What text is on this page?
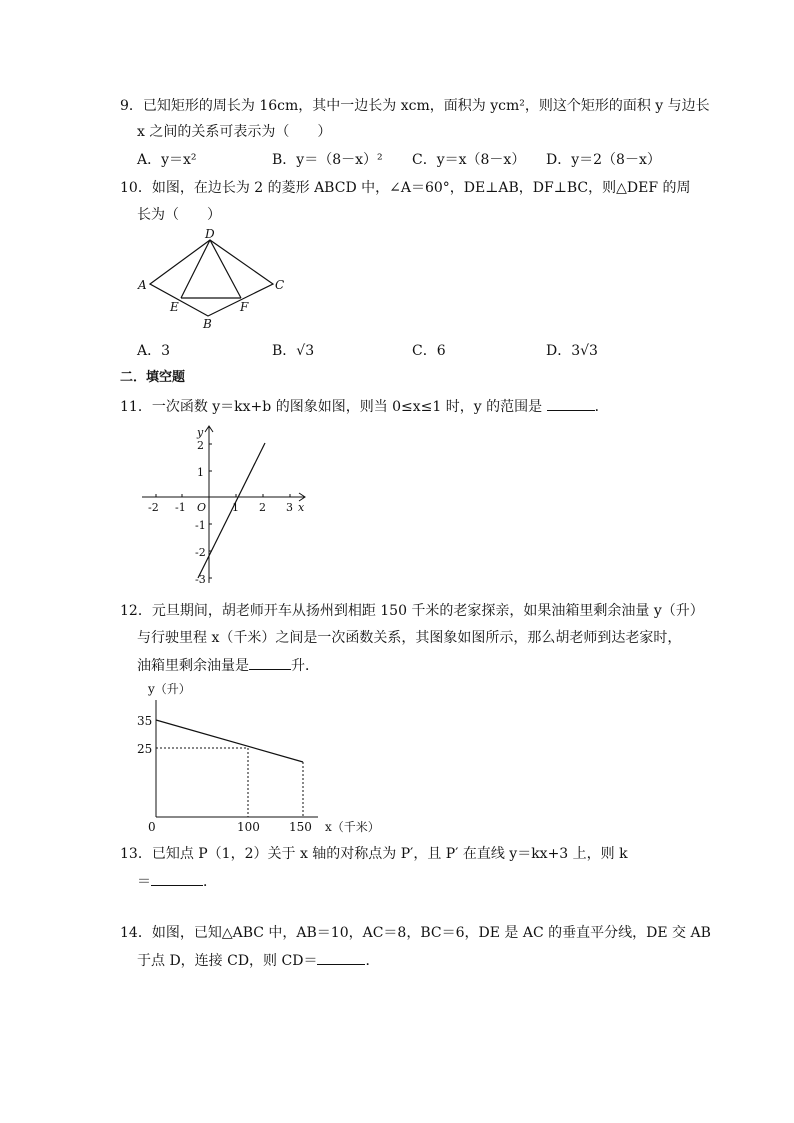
9．已知矩形的周长为 16cm，其中一边长为 xcm，面积为 ycm²，则这个矩形的面积 y 与边长
x 之间的关系可表示为（　　）
A．y＝x²	B．y＝（8－x）² C．y＝x（8－x） D．y＝2（8－x）
10．如图，在边长为 2 的菱形 ABCD 中，∠A＝60°，DE⊥AB，DF⊥BC，则△DEF 的周
长为（　　）
D
A	C
E	F
B
A．3	B．√3	C．6	D．3√3
二．填空题
11．一次函数 y＝kx+b 的图象如图，则当 0≤x≤1 时，y 的范围是	．
y
x
O
-2 -1	1 2 3
2
1
-1
-2
-3
12．元旦期间，胡老师开车从扬州到相距 150 千米的老家探亲，如果油箱里剩余油量 y（升）
与行驶里程 x（千米）之间是一次函数关系，其图象如图所示，那么胡老师到达老家时，
油箱里剩余油量是	升．
y（升）
x（千米）
0
35
25
100 150
13．已知点 P（1，2）关于 x 轴的对称点为 P′，且 P′ 在直线 y＝kx+3 上，则 k
＝	．
14．如图，已知△ABC 中，AB＝10，AC＝8，BC＝6，DE 是 AC 的垂直平分线，DE 交 AB
于点 D，连接 CD，则 CD＝	．
